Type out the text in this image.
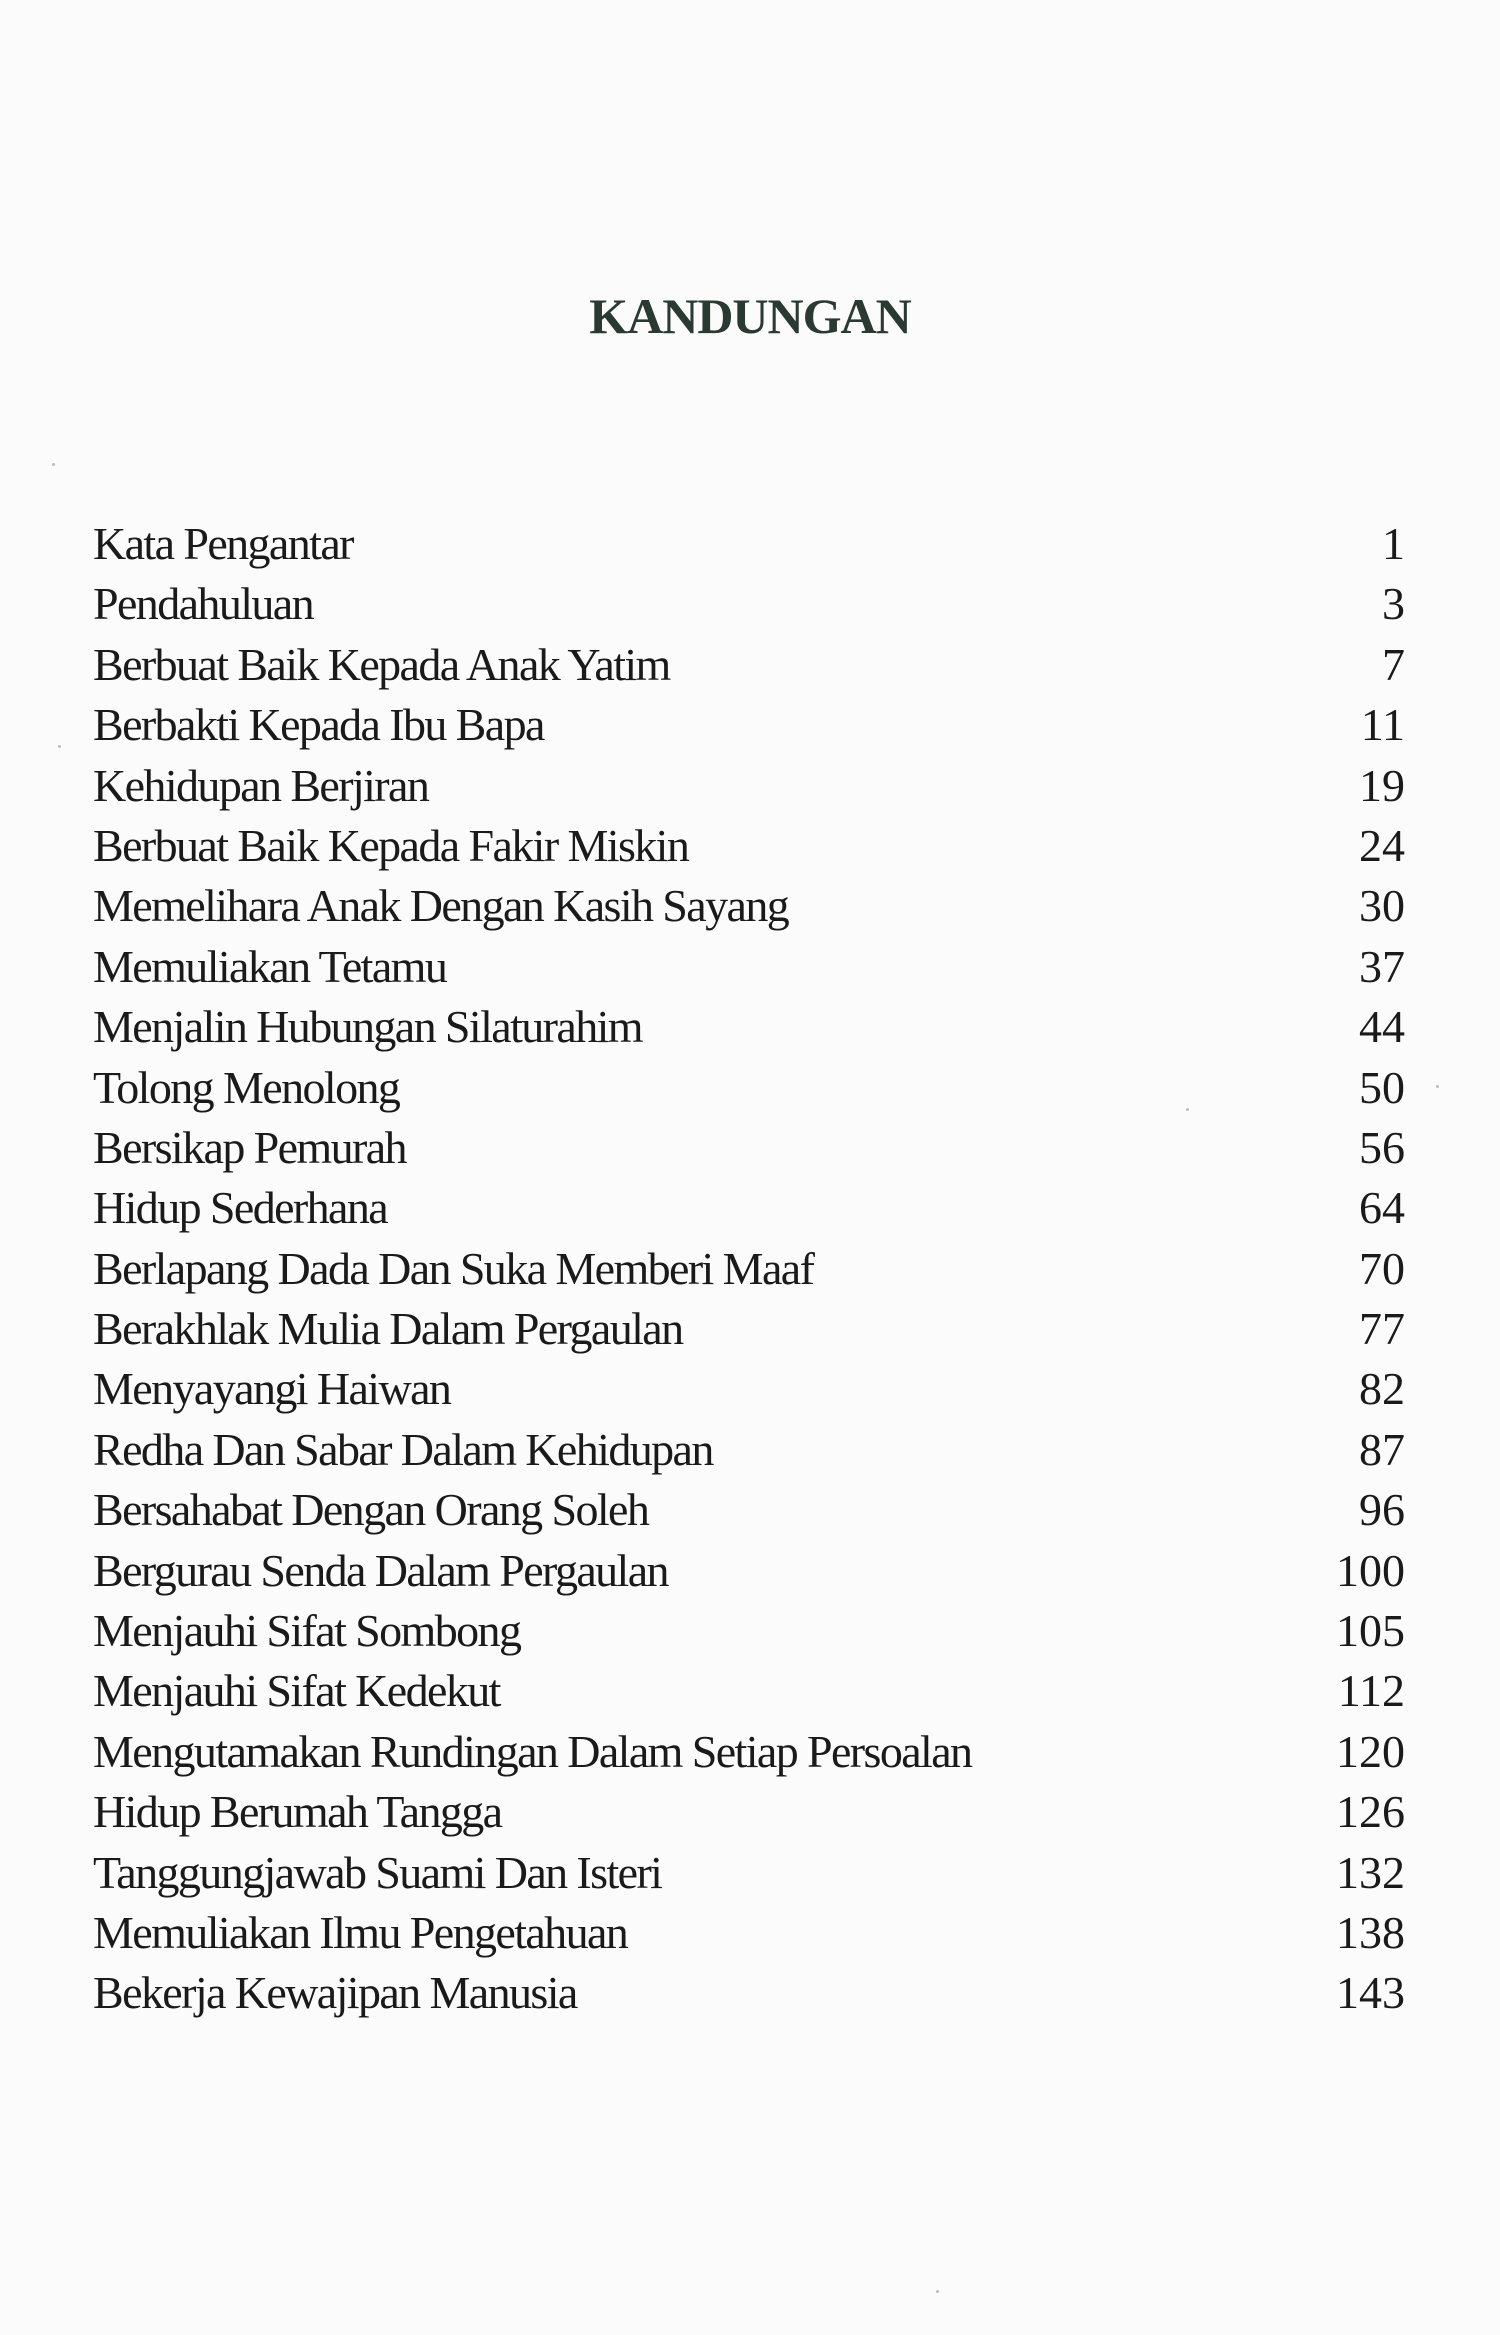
KANDUNGAN
Kata Pengantar	1
Pendahuluan	3
Berbuat Baik Kepada Anak Yatim	7
Berbakti Kepada Ibu Bapa	11
Kehidupan Berjiran	19
Berbuat Baik Kepada Fakir Miskin	24
Memelihara Anak Dengan Kasih Sayang	30
Memuliakan Tetamu	37
Menjalin Hubungan Silaturahim	44
Tolong Menolong	50
Bersikap Pemurah	56
Hidup Sederhana	64
Berlapang Dada Dan Suka Memberi Maaf	70
Berakhlak Mulia Dalam Pergaulan	77
Menyayangi Haiwan	82
Redha Dan Sabar Dalam Kehidupan	87
Bersahabat Dengan Orang Soleh	96
Bergurau Senda Dalam Pergaulan	100
Menjauhi Sifat Sombong	105
Menjauhi Sifat Kedekut	112
Mengutamakan Rundingan Dalam Setiap Persoalan	120
Hidup Berumah Tangga	126
Tanggungjawab Suami Dan Isteri	132
Memuliakan Ilmu Pengetahuan	138
Bekerja Kewajipan Manusia	143
